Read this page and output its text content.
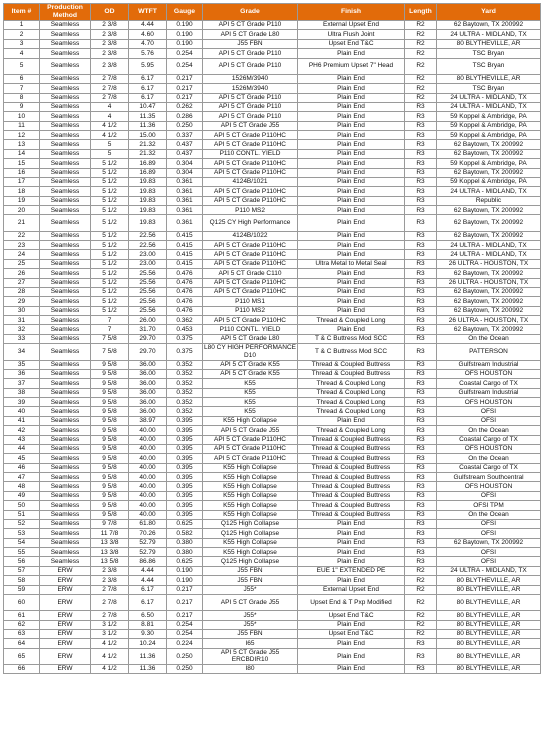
Item #	Production Method	OD	WTFT	Gauge	Grade	Finish	Length	Yard
1	Seamless	2 3/8	4.44	0.190	API 5 CT Grade P110	External Upset End	R2	62 Baytown, TX 200992
2	Seamless	2 3/8	4.60	0.190	API 5 CT Grade L80	Ultra Flush Joint	R2	24 ULTRA - MIDLAND, TX
3	Seamless	2 3/8	4.70	0.190	J55 FBN	Upset End T&C	R2	80 BLYTHEVILLE, AR
4	Seamless	2 3/8	5.76	0.254	API 5 CT Grade P110	Plain End	R2	TSC Bryan
5	Seamless	2 3/8	5.95	0.254	API 5 CT Grade P110	PH6 Premium Upset 7" Head	R2	TSC Bryan
6	Seamless	2 7/8	6.17	0.217	1526M/3940	Plain End	R2	80 BLYTHEVILLE, AR
7	Seamless	2 7/8	6.17	0.217	1526M/3940	Plain End	R2	TSC Bryan
8	Seamless	2 7/8	6.17	0.217	API 5 CT Grade P110	Plain End	R2	24 ULTRA - MIDLAND, TX
9	Seamless	4	10.47	0.262	API 5 CT Grade P110	Plain End	R3	24 ULTRA - MIDLAND, TX
10	Seamless	4	11.35	0.286	API 5 CT Grade P110	Plain End	R3	59 Koppel & Ambridge, PA
11	Seamless	4 1/2	11.36	0.250	API 5 CT Grade J55	Plain End	R3	59 Koppel & Ambridge, PA
12	Seamless	4 1/2	15.00	0.337	API 5 CT Grade P110HC	Plain End	R3	59 Koppel & Ambridge, PA
13	Seamless	5	21.32	0.437	API 5 CT Grade P110HC	Plain End	R3	62 Baytown, TX 200992
14	Seamless	5	21.32	0.437	P110 CONTL. YIELD	Plain End	R3	62 Baytown, TX 200992
15	Seamless	5 1/2	16.89	0.304	API 5 CT Grade P110HC	Plain End	R3	59 Koppel & Ambridge, PA
16	Seamless	5 1/2	16.89	0.304	API 5 CT Grade P110HC	Plain End	R3	62 Baytown, TX 200992
17	Seamless	5 1/2	19.83	0.361	4124B/1021	Plain End	R3	59 Koppel & Ambridge, PA
18	Seamless	5 1/2	19.83	0.361	API 5 CT Grade P110HC	Plain End	R3	24 ULTRA - MIDLAND, TX
19	Seamless	5 1/2	19.83	0.361	API 5 CT Grade P110HC	Plain End	R3	Republic
20	Seamless	5 1/2	19.83	0.361	P110 MS2	Plain End	R3	62 Baytown, TX 200992
21	Seamless	5 1/2	19.83	0.361	Q125 CY High Performance	Plain End	R3	62 Baytown, TX 200992
22	Seamless	5 1/2	22.56	0.415	4124B/1022	Plain End	R3	62 Baytown, TX 200992
23	Seamless	5 1/2	22.56	0.415	API 5 CT Grade P110HC	Plain End	R3	24 ULTRA - MIDLAND, TX
24	Seamless	5 1/2	23.00	0.415	API 5 CT Grade P110HC	Plain End	R3	24 ULTRA - MIDLAND, TX
25	Seamless	5 1/2	23.00	0.415	API 5 CT Grade P110HC	Ultra Metal to Metal Seal	R3	26 ULTRA - HOUSTON, TX
26	Seamless	5 1/2	25.56	0.476	API 5 CT Grade C110	Plain End	R3	62 Baytown, TX 200992
27	Seamless	5 1/2	25.56	0.476	API 5 CT Grade P110HC	Plain End	R3	26 ULTRA - HOUSTON, TX
28	Seamless	5 1/2	25.56	0.476	API 5 CT Grade P110HC	Plain End	R3	62 Baytown, TX 200992
29	Seamless	5 1/2	25.56	0.476	P110 MS1	Plain End	R3	62 Baytown, TX 200992
30	Seamless	5 1/2	25.56	0.476	P110 MS2	Plain End	R3	62 Baytown, TX 200992
31	Seamless	7	26.00	0.362	API 5 CT Grade P110HC	Thread & Coupled Long	R3	26 ULTRA - HOUSTON, TX
32	Seamless	7	31.70	0.453	P110 CONTL. YIELD	Plain End	R3	62 Baytown, TX 200992
33	Seamless	7 5/8	29.70	0.375	API 5 CT Grade L80	T & C Buttress Mod SCC	R3	On the Ocean
34	Seamless	7 5/8	29.70	0.375	L80 CY HIGH PERFORMANCE D10	T & C Buttress Mod SCC	R3	PATTERSON
35	Seamless	9 5/8	36.00	0.352	API 5 CT Grade K55	Thread & Coupled Buttress	R3	Gulfstream Industrial
36	Seamless	9 5/8	36.00	0.352	API 5 CT Grade K55	Thread & Coupled Buttress	R3	OFS HOUSTON
37	Seamless	9 5/8	36.00	0.352	K55	Thread & Coupled Long	R3	Coastal Cargo of TX
38	Seamless	9 5/8	36.00	0.352	K55	Thread & Coupled Long	R3	Gulfstream Industrial
39	Seamless	9 5/8	36.00	0.352	K55	Thread & Coupled Long	R3	OFS HOUSTON
40	Seamless	9 5/8	36.00	0.352	K55	Thread & Coupled Long	R3	OFSI
41	Seamless	9 5/8	38.97	0.395	K55 High Collapse	Plain End	R3	OFSI
42	Seamless	9 5/8	40.00	0.395	API 5 CT Grade J55	Thread & Coupled Long	R3	On the Ocean
43	Seamless	9 5/8	40.00	0.395	API 5 CT Grade P110HC	Thread & Coupled Buttress	R3	Coastal Cargo of TX
44	Seamless	9 5/8	40.00	0.395	API 5 CT Grade P110HC	Thread & Coupled Buttress	R3	OFS HOUSTON
45	Seamless	9 5/8	40.00	0.395	API 5 CT Grade P110HC	Thread & Coupled Buttress	R3	On the Ocean
46	Seamless	9 5/8	40.00	0.395	K55 High Collapse	Thread & Coupled Buttress	R3	Coastal Cargo of TX
47	Seamless	9 5/8	40.00	0.395	K55 High Collapse	Thread & Coupled Buttress	R3	Gulfstream Southcentral
48	Seamless	9 5/8	40.00	0.395	K55 High Collapse	Thread & Coupled Buttress	R3	OFS HOUSTON
49	Seamless	9 5/8	40.00	0.395	K55 High Collapse	Thread & Coupled Buttress	R3	OFSI
50	Seamless	9 5/8	40.00	0.395	K55 High Collapse	Thread & Coupled Buttress	R3	OFSI TPM
51	Seamless	9 5/8	40.00	0.395	K55 High Collapse	Thread & Coupled Buttress	R3	On the Ocean
52	Seamless	9 7/8	61.80	0.625	Q125 High Collapse	Plain End	R3	OFSI
53	Seamless	11 7/8	70.26	0.582	Q125 High Collapse	Plain End	R3	OFSI
54	Seamless	13 3/8	52.79	0.380	K55 High Collapse	Plain End	R3	62 Baytown, TX 200992
55	Seamless	13 3/8	52.79	0.380	K55 High Collapse	Plain End	R3	OFSI
56	Seamless	13 5/8	86.86	0.625	Q125 High Collapse	Plain End	R3	OFSI
57	ERW	2 3/8	4.44	0.190	J55 FBN	EUE 1" EXTENDED PE	R2	24 ULTRA - MIDLAND, TX
58	ERW	2 3/8	4.44	0.190	J55 FBN	Plain End	R2	80 BLYTHEVILLE, AR
59	ERW	2 7/8	6.17	0.217	J55*	External Upset End	R2	80 BLYTHEVILLE, AR
60	ERW	2 7/8	6.17	0.217	API 5 CT Grade J55	Upset End & T Pxp Modified	R2	80 BLYTHEVILLE, AR
61	ERW	2 7/8	6.50	0.217	J55*	Upset End T&C	R2	80 BLYTHEVILLE, AR
62	ERW	3 1/2	8.81	0.254	J55*	Plain End	R2	80 BLYTHEVILLE, AR
63	ERW	3 1/2	9.30	0.254	J55 FBN	Upset End T&C	R2	80 BLYTHEVILLE, AR
64	ERW	4 1/2	10.24	0.224	I65	Plain End	R3	80 BLYTHEVILLE, AR
65	ERW	4 1/2	11.36	0.250	API 5 CT Grade J55 ERCBDIR10	Plain End	R3	80 BLYTHEVILLE, AR
66	ERW	4 1/2	11.36	0.250	I80	Plain End	R3	80 BLYTHEVILLE, AR
